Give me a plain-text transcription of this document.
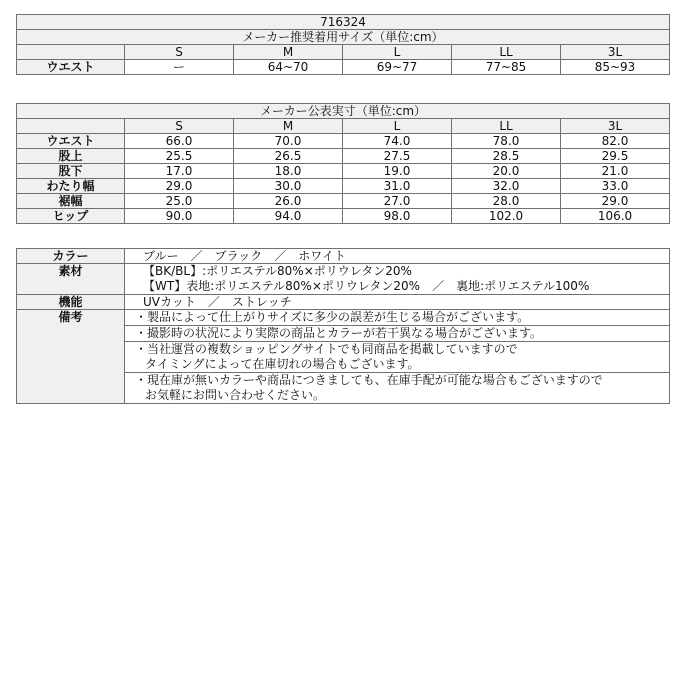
716324					
メーカー推奨着用サイズ（単位:cm）					
	S	M	L	LL	3L
ウエスト	ー	64~70	69~77	77~85	85~93
メーカー公表実寸（単位:cm）					
	S	M	L	LL	3L
ウエスト	66.0	70.0	74.0	78.0	82.0
股上	25.5	26.5	27.5	28.5	29.5
股下	17.0	18.0	19.0	20.0	21.0
わたり幅	29.0	30.0	31.0	32.0	33.0
裾幅	25.0	26.0	27.0	28.0	29.0
ヒップ	90.0	94.0	98.0	102.0	106.0
カラー	ブルー　／　ブラック　／　ホワイト
素材	【BK/BL】:ポリエステル80%×ポリウレタン20%
【WT】表地:ポリエステル80%×ポリウレタン20%　／　裏地:ポリエステル100%

機能	UVカット　／　ストレッチ
備考	・製品によって仕上がりサイズに多少の誤差が生じる場合がございます。

	・撮影時の状況により実際の商品とカラーが若干異なる場合がございます。

	・当社運営の複数ショッピングサイトでも同商品を掲載していますので
タイミングによって在庫切れの場合もございます。

	・現在庫が無いカラーや商品につきましても、在庫手配が可能な場合もございますので
お気軽にお問い合わせください。
